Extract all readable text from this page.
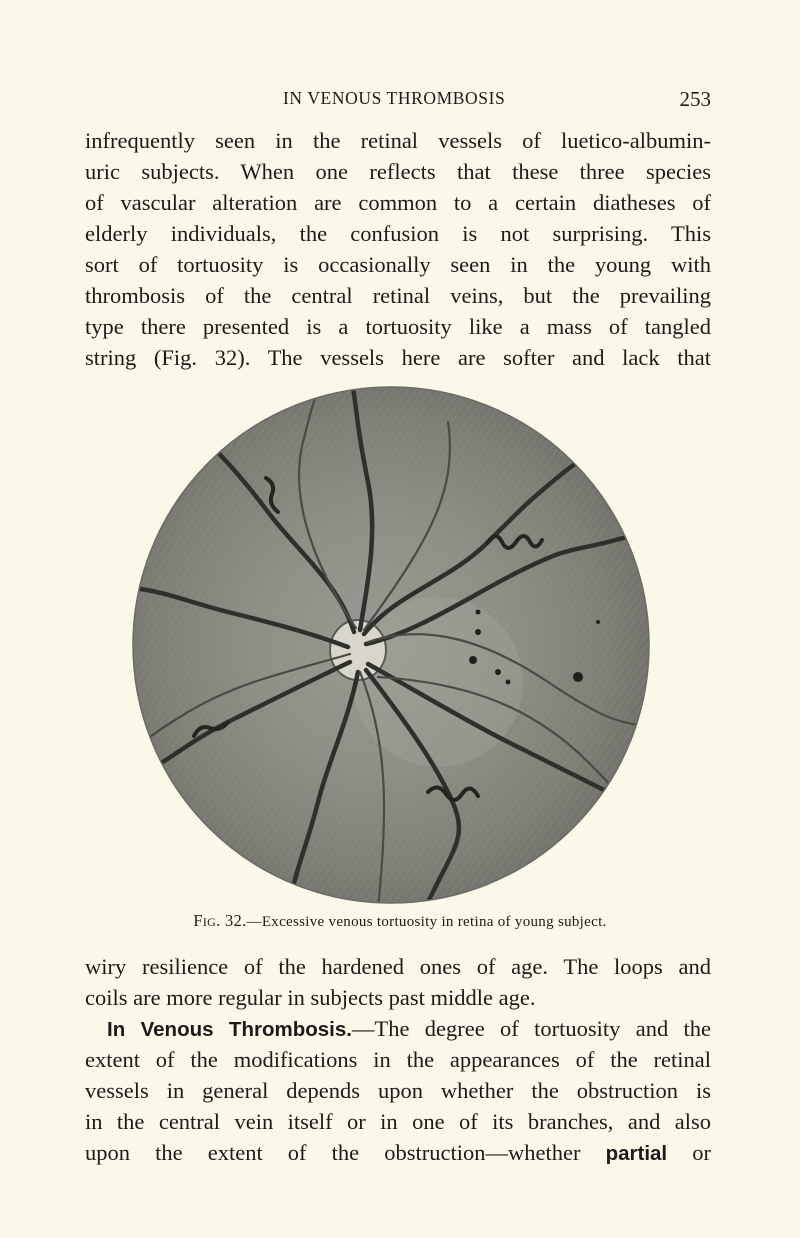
IN VENOUS THROMBOSIS	253
infrequently seen in the retinal vessels of luetico-albumin-
uric subjects. When one reflects that these three species
of vascular alteration are common to a certain diatheses of
elderly individuals, the confusion is not surprising. This
sort of tortuosity is occasionally seen in the young with
thrombosis of the central retinal veins, but the prevailing
type there presented is a tortuosity like a mass of tangled
string (Fig. 32). The vessels here are softer and lack that
Fig. 32.—Excessive venous tortuosity in retina of young subject.
wiry resilience of the hardened ones of age. The loops and
coils are more regular in subjects past middle age.
In Venous Thrombosis.—The degree of tortuosity and the
extent of the modifications in the appearances of the retinal
vessels in general depends upon whether the obstruction is
in the central vein itself or in one of its branches, and also
upon the extent of the obstruction—whether partial or
